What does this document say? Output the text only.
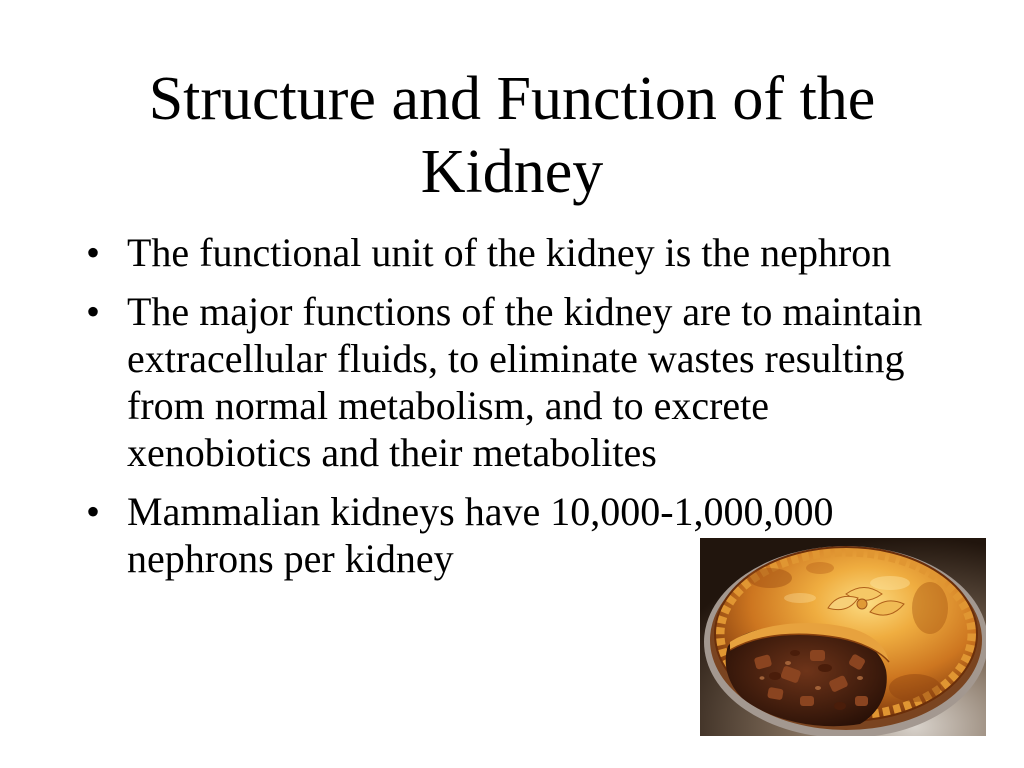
Structure and Function of the Kidney
• The functional unit of the kidney is the nephron
• The major functions of the kidney are to maintain extracellular fluids, to eliminate wastes resulting from normal metabolism, and to excrete xenobiotics and their metabolites
• Mammalian kidneys have 10,000-1,000,000 nephrons per kidney
